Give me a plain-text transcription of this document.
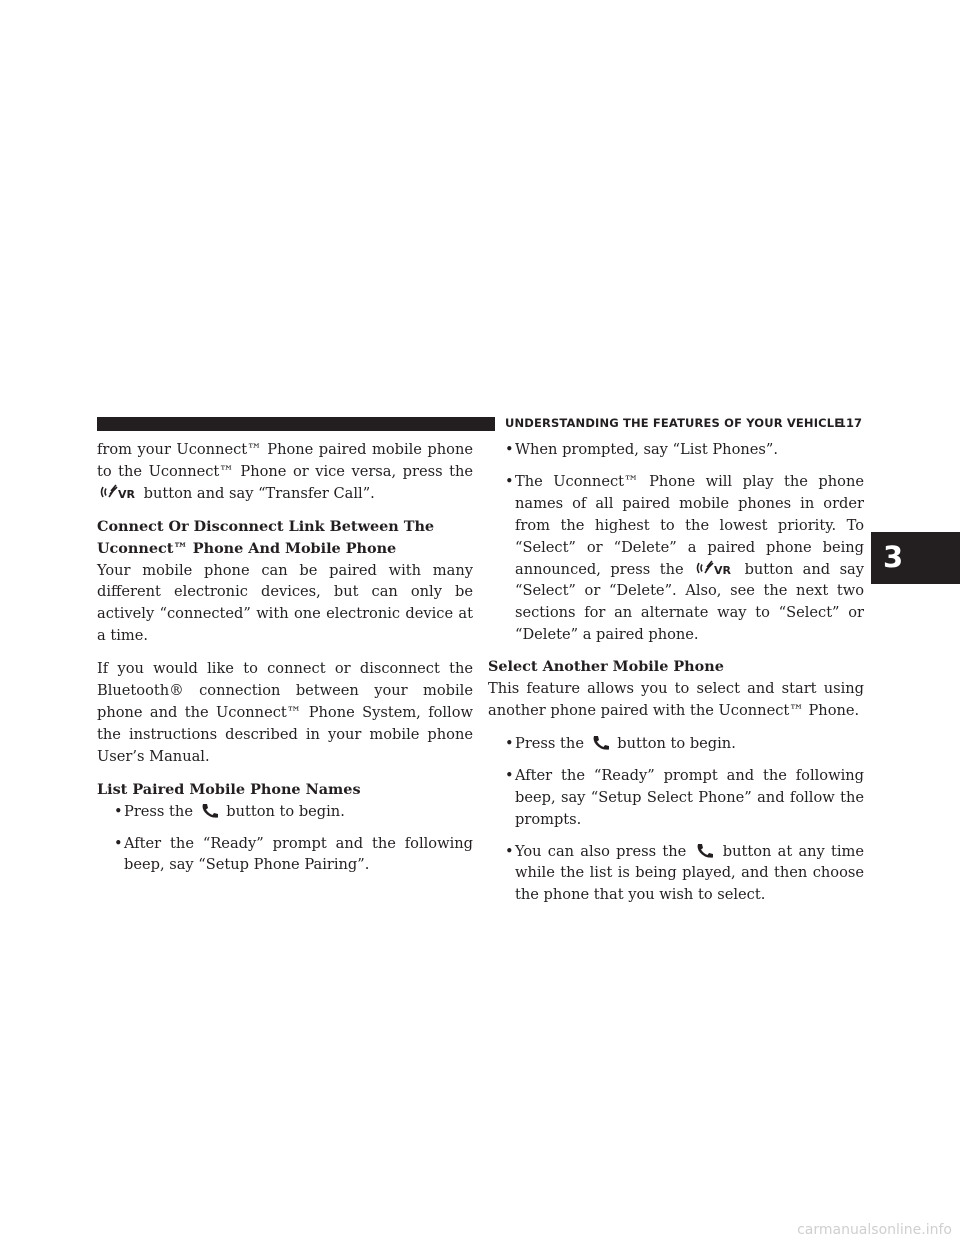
UNDERSTANDING THE FEATURES OF YOUR VEHICLE
117

from your Uconnect™ Phone paired mobile phone to the Uconnect™ Phone or vice versa, press the
VR button and say “Transfer Call”.

Connect Or Disconnect Link Between The Uconnect™ Phone And Mobile Phone

Your mobile phone can be paired with many different electronic devices, but can only be actively “connected” with one electronic device at a time.

If you would like to connect or disconnect the Bluetooth® connection between your mobile phone and the Uconnect™ Phone System, follow the instructions described in your mobile phone User’s Manual.

List Paired Mobile Phone Names
• Press the button to begin.
• After the “Ready” prompt and the following beep, say “Setup Phone Pairing”.
• When prompted, say “List Phones”.
• The Uconnect™ Phone will play the phone names of all paired mobile phones in order from the highest to the lowest priority. To “Select” or “Delete” a paired phone being announced, press the	VR button and say “Select” or “Delete”. Also, see the next two sections for an alternate way to “Select” or “Delete” a paired phone.
Select Another Mobile Phone

This feature allows you to select and start using another phone paired with the Uconnect™ Phone.

• Press the button to begin.
• After the “Ready” prompt and the following beep, say “Setup Select Phone” and follow the prompts.
• You can also press the	button at any time while the list is being played, and then choose the phone that you wish to select.
3
carmanualsonline.info
